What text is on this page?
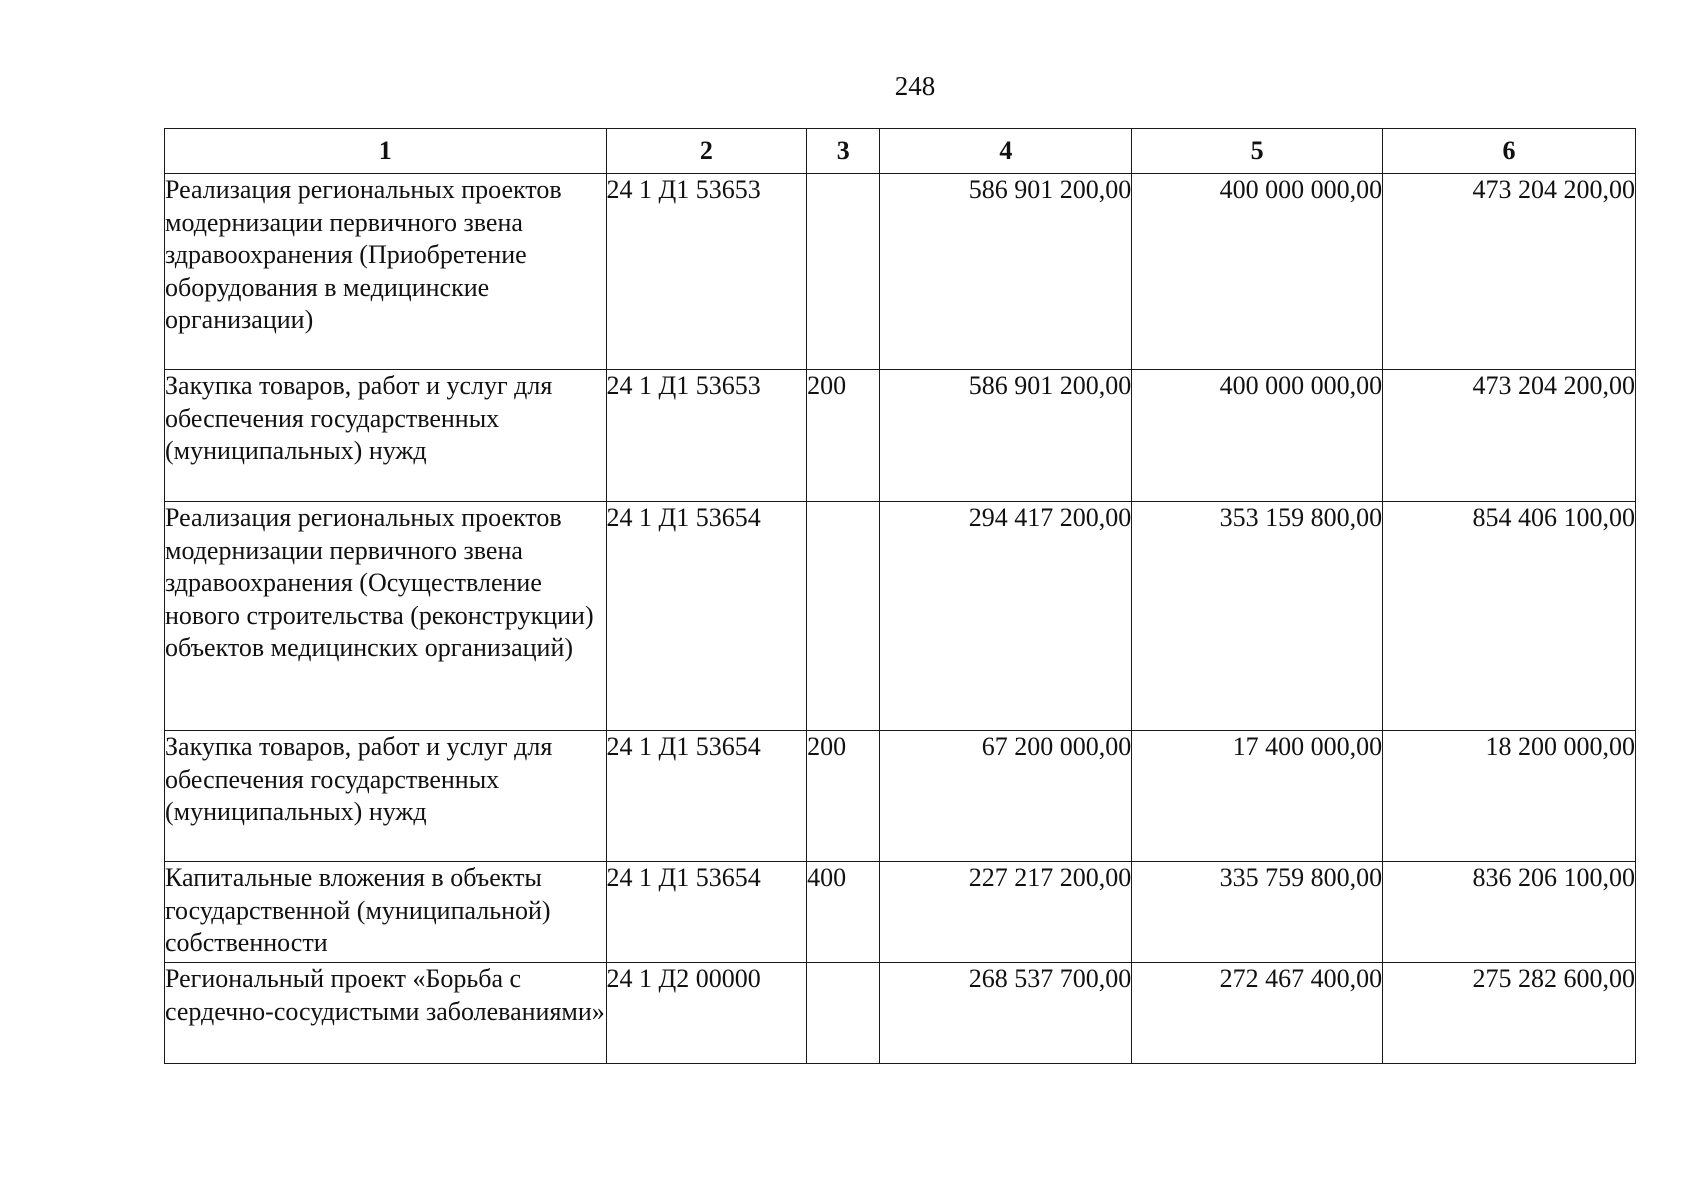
248
1	2	3	4	5	6
Реализация региональных проектов модернизации первичного звена здравоохранения (Приобретение оборудования в медицинские организации)	24 1 Д1 53653		586 901 200,00	400 000 000,00	473 204 200,00
Закупка товаров, работ и услуг для обеспечения государственных (муниципальных) нужд	24 1 Д1 53653	200	586 901 200,00	400 000 000,00	473 204 200,00
Реализация региональных проектов модернизации первичного звена здравоохранения (Осуществление нового строительства (реконструкции) объектов медицинских организаций)	24 1 Д1 53654		294 417 200,00	353 159 800,00	854 406 100,00
Закупка товаров, работ и услуг для обеспечения государственных (муниципальных) нужд	24 1 Д1 53654	200	67 200 000,00	17 400 000,00	18 200 000,00
Капитальные вложения в объекты государственной (муниципальной) собственности	24 1 Д1 53654	400	227 217 200,00	335 759 800,00	836 206 100,00
Региональный проект «Борьба с сердечно-сосудистыми заболеваниями»	24 1 Д2 00000		268 537 700,00	272 467 400,00	275 282 600,00
